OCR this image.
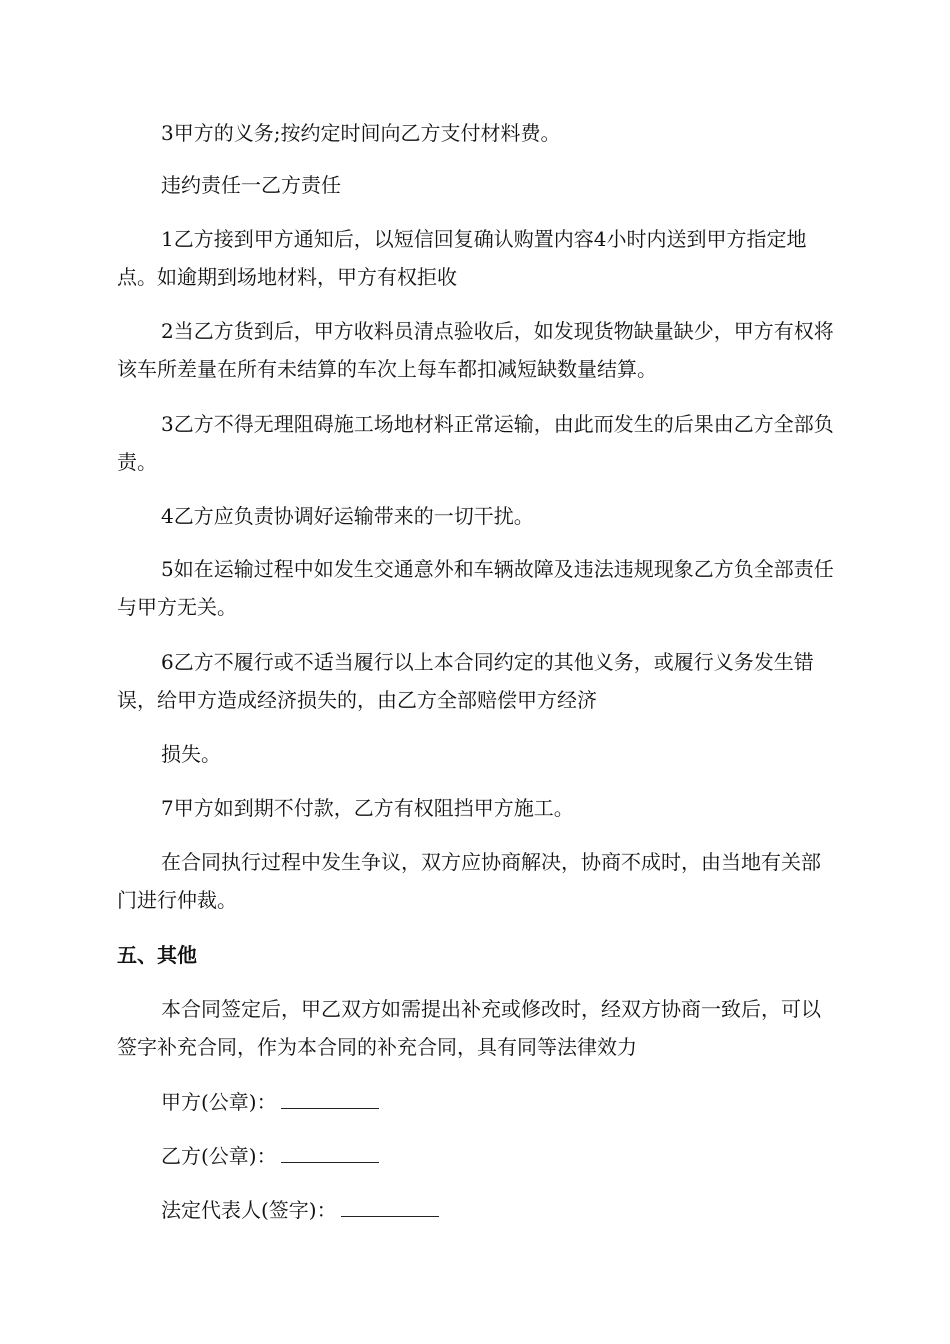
3甲方的义务;按约定时间向乙方支付材料费。

违约责任一乙方责任

1乙方接到甲方通知后，以短信回复确认购置内容4小时内送到甲方指定地点。如逾期到场地材料，甲方有权拒收

2当乙方货到后，甲方收料员清点验收后，如发现货物缺量缺少，甲方有权将该车所差量在所有未结算的车次上每车都扣减短缺数量结算。

3乙方不得无理阻碍施工场地材料正常运输，由此而发生的后果由乙方全部负责。

4乙方应负责协调好运输带来的一切干扰。

5如在运输过程中如发生交通意外和车辆故障及违法违规现象乙方负全部责任与甲方无关。

6乙方不履行或不适当履行以上本合同约定的其他义务，或履行义务发生错误，给甲方造成经济损失的，由乙方全部赔偿甲方经济

损失。

7甲方如到期不付款，乙方有权阻挡甲方施工。

在合同执行过程中发生争议，双方应协商解决，协商不成时，由当地有关部门进行仲裁。

五、其他

本合同签定后，甲乙双方如需提出补充或修改时，经双方协商一致后，可以签字补充合同，作为本合同的补充合同，具有同等法律效力

甲方(公章)：

乙方(公章)：

法定代表人(签字)：
